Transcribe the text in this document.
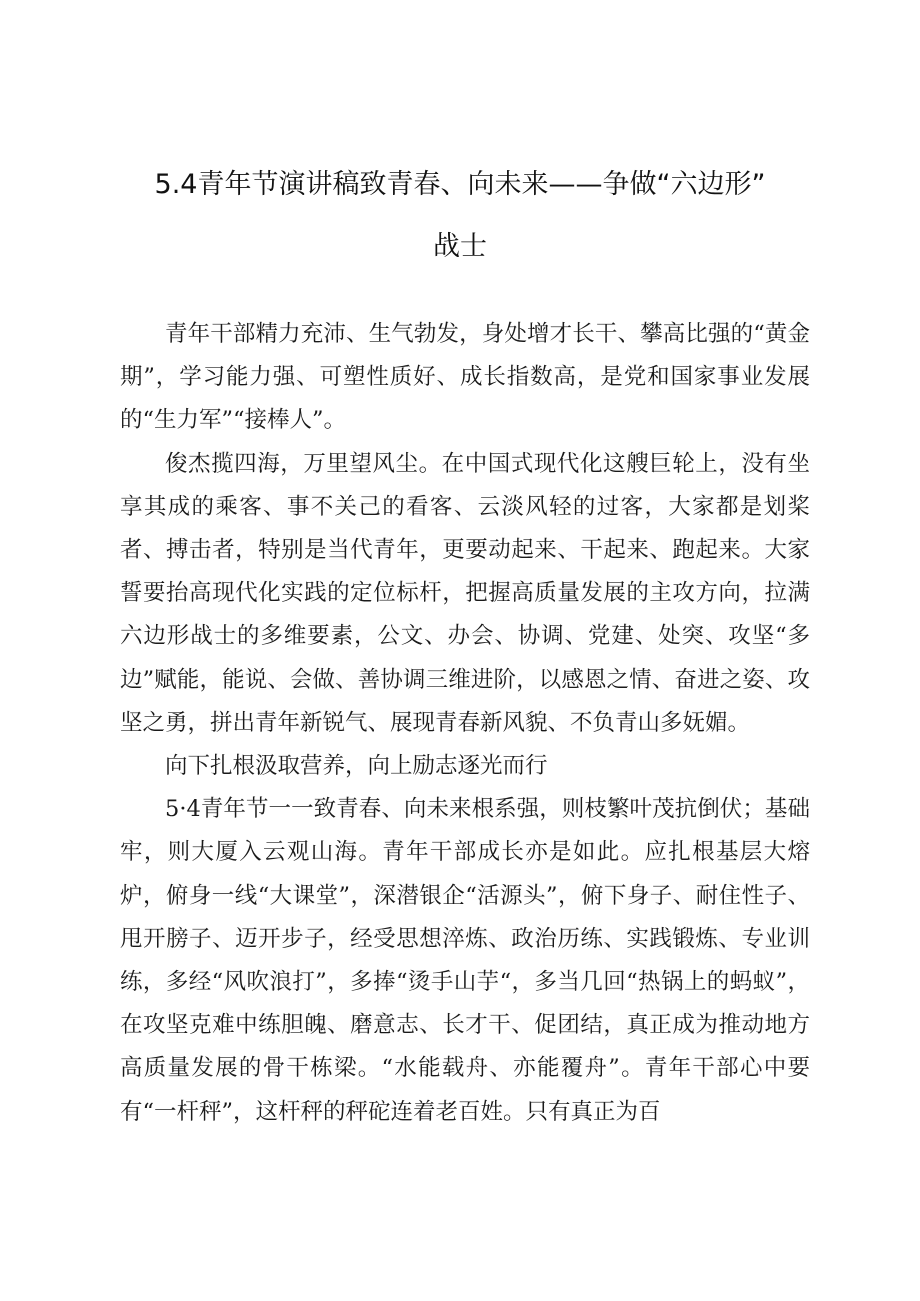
5.4青年节演讲稿致青春、向未来——争做“六边形”
战士

青年干部精力充沛、生气勃发，身处增才长干、攀高比强的“黄金期”，学习能力强、可塑性质好、成长指数高，是党和国家事业发展的“生力军”“接棒人”。

俊杰揽四海，万里望风尘。在中国式现代化这艘巨轮上，没有坐享其成的乘客、事不关己的看客、云淡风轻的过客，大家都是划桨者、搏击者，特别是当代青年，更要动起来、干起来、跑起来。大家誓要抬高现代化实践的定位标杆，把握高质量发展的主攻方向，拉满六边形战士的多维要素，公文、办会、协调、党建、处突、攻坚“多边”赋能，能说、会做、善协调三维进阶，以感恩之情、奋进之姿、攻坚之勇，拼出青年新锐气、展现青春新风貌、不负青山多妩媚。

向下扎根汲取营养，向上励志逐光而行

5·4青年节一一致青春、向未来根系强，则枝繁叶茂抗倒伏；基础牢，则大厦入云观山海。青年干部成长亦是如此。应扎根基层大熔炉，俯身一线“大课堂”，深潜银企“活源头”，俯下身子、耐住性子、甩开膀子、迈开步子，经受思想淬炼、政治历练、实践锻炼、专业训练，多经“风吹浪打”，多捧“烫手山芋“，多当几回“热锅上的蚂蚁”，在攻坚克难中练胆魄、磨意志、长才干、促团结，真正成为推动地方高质量发展的骨干栋梁。“水能载舟、亦能覆舟”。青年干部心中要有“一杆秤”，这杆秤的秤砣连着老百姓。只有真正为百
